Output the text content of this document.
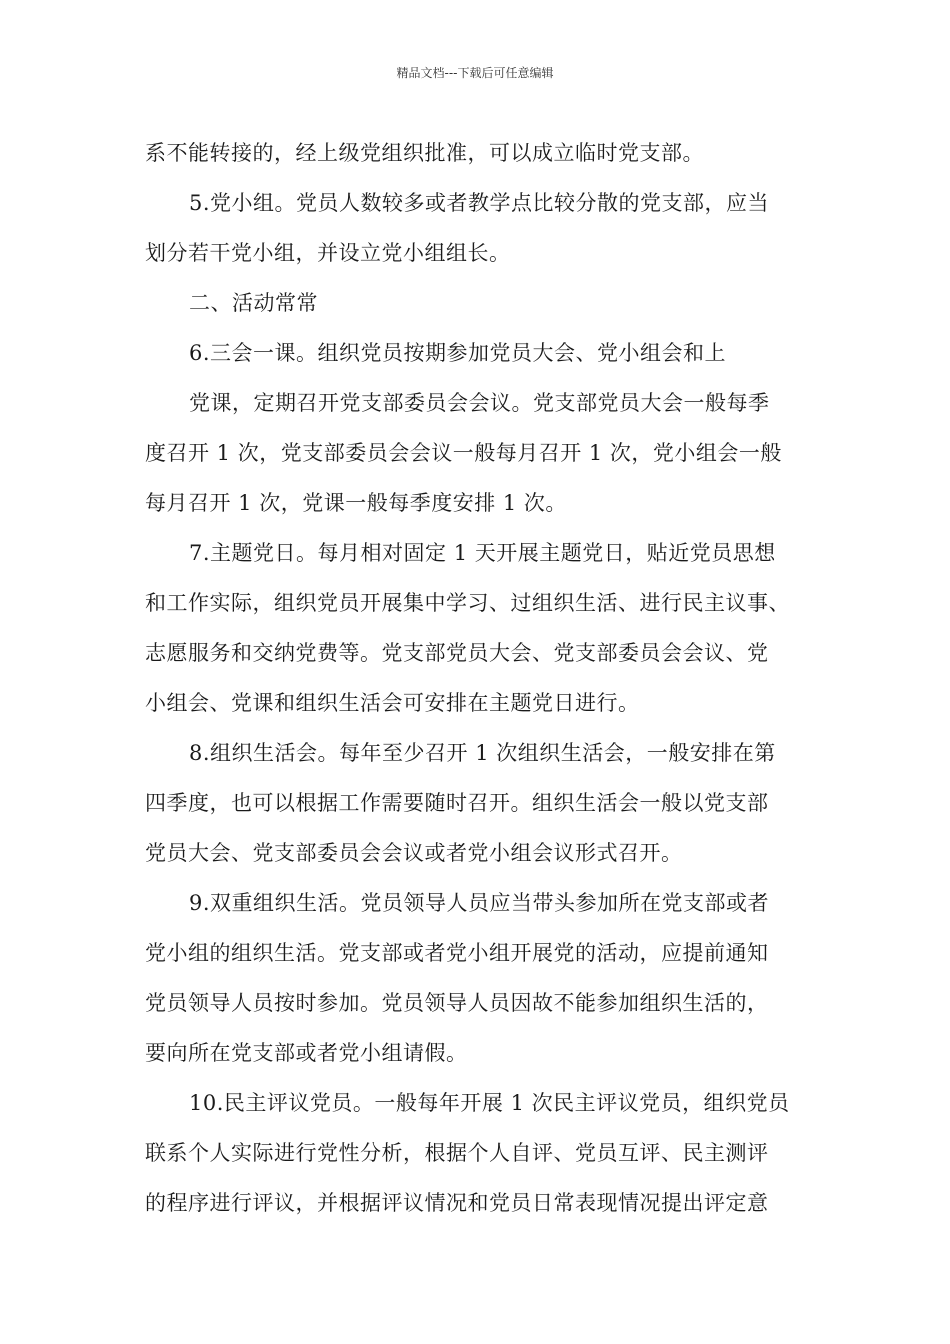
精品文档---下载后可任意编辑
系不能转接的，经上级党组织批准，可以成立临时党支部。
5.党小组。党员人数较多或者教学点比较分散的党支部，应当
划分若干党小组，并设立党小组组长。
二、活动常常
6.三会一课。组织党员按期参加党员大会、党小组会和上
党课，定期召开党支部委员会会议。党支部党员大会一般每季
度召开 1 次，党支部委员会会议一般每月召开 1 次，党小组会一般
每月召开 1 次，党课一般每季度安排 1 次。
7.主题党日。每月相对固定 1 天开展主题党日，贴近党员思想
和工作实际，组织党员开展集中学习、过组织生活、进行民主议事、
志愿服务和交纳党费等。党支部党员大会、党支部委员会会议、党
小组会、党课和组织生活会可安排在主题党日进行。
8.组织生活会。每年至少召开 1 次组织生活会，一般安排在第
四季度，也可以根据工作需要随时召开。组织生活会一般以党支部
党员大会、党支部委员会会议或者党小组会议形式召开。
9.双重组织生活。党员领导人员应当带头参加所在党支部或者
党小组的组织生活。党支部或者党小组开展党的活动，应提前通知
党员领导人员按时参加。党员领导人员因故不能参加组织生活的，
要向所在党支部或者党小组请假。
10.民主评议党员。一般每年开展 1 次民主评议党员，组织党员
联系个人实际进行党性分析，根据个人自评、党员互评、民主测评
的程序进行评议，并根据评议情况和党员日常表现情况提出评定意
